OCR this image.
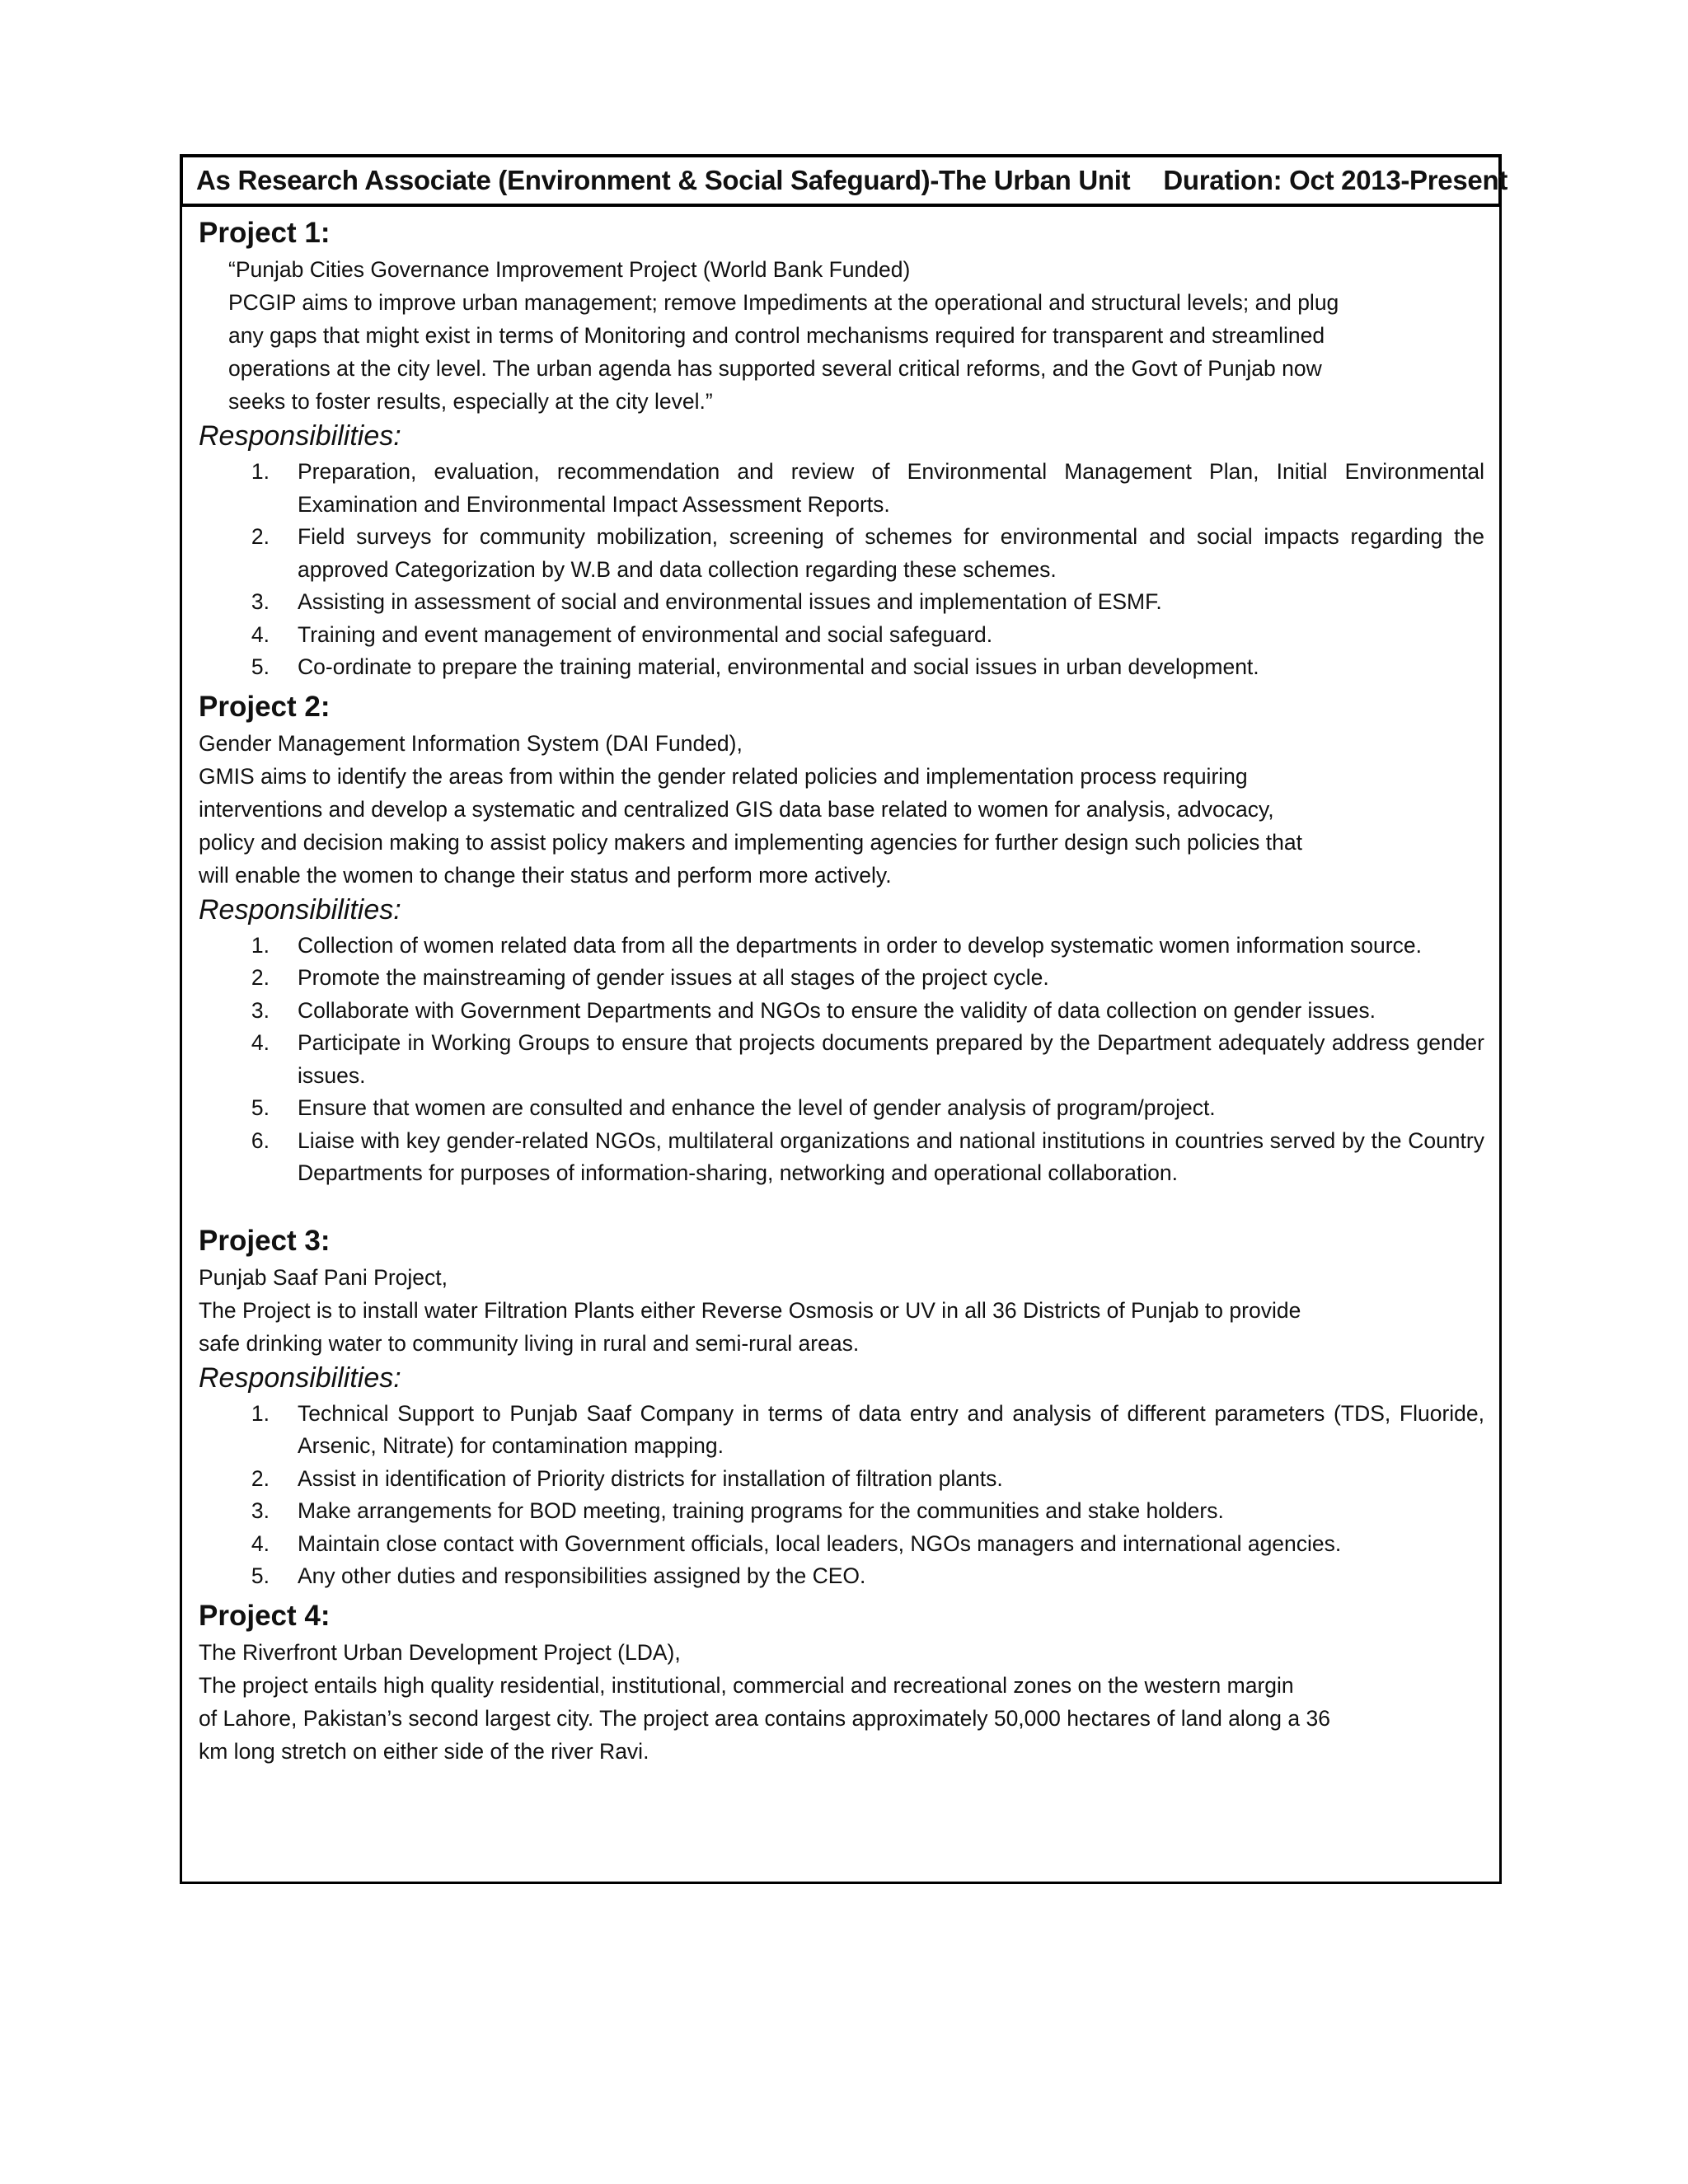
As Research Associate (Environment & Social Safeguard)-The Urban Unit Duration: Oct 2013-Present

Project 1:

“Punjab Cities Governance Improvement Project (World Bank Funded)

PCGIP aims to improve urban management; remove Impediments at the operational and structural levels; and plug

any gaps that might exist in terms of Monitoring and control mechanisms required for transparent and streamlined

operations at the city level. The urban agenda has supported several critical reforms, and the Govt of Punjab now

seeks to foster results, especially at the city level.”

Responsibilities:

1.	Preparation, evaluation, recommendation and review of Environmental Management Plan, Initial Environmental Examination and Environmental Impact Assessment Reports.
2.	Field surveys for community mobilization, screening of schemes for environmental and social impacts regarding the approved Categorization by W.B and data collection regarding these schemes.
3.	Assisting in assessment of social and environmental issues and implementation of ESMF.
4.	Training and event management of environmental and social safeguard.
5.	Co-ordinate to prepare the training material, environmental and social issues in urban development.

Project 2:

Gender Management Information System (DAI Funded),

GMIS aims to identify the areas from within the gender related policies and implementation process requiring

interventions and develop a systematic and centralized GIS data base related to women for analysis, advocacy,

policy and decision making to assist policy makers and implementing agencies for further design such policies that

will enable the women to change their status and perform more actively.

Responsibilities:

1.	Collection of women related data from all the departments in order to develop systematic women information source.
2.	Promote the mainstreaming of gender issues at all stages of the project cycle.
3.	Collaborate with Government Departments and NGOs to ensure the validity of data collection on gender issues.
4.	Participate in Working Groups to ensure that projects documents prepared by the Department adequately address gender issues.
5.	Ensure that women are consulted and enhance the level of gender analysis of program/project.
6.	Liaise with key gender-related NGOs, multilateral organizations and national institutions in countries served by the Country Departments for purposes of information-sharing, networking and operational collaboration.

Project 3:

Punjab Saaf Pani Project,

The Project is to install water Filtration Plants either Reverse Osmosis or UV in all 36 Districts of Punjab to provide

safe drinking water to community living in rural and semi-rural areas.

Responsibilities:

1.	Technical Support to Punjab Saaf Company in terms of data entry and analysis of different parameters (TDS, Fluoride, Arsenic, Nitrate) for contamination mapping.
2.	Assist in identification of Priority districts for installation of filtration plants.
3.	Make arrangements for BOD meeting, training programs for the communities and stake holders.
4.	Maintain close contact with Government officials, local leaders, NGOs managers and international agencies.
5.	Any other duties and responsibilities assigned by the CEO.

Project 4:

The Riverfront Urban Development Project (LDA),

The project entails high quality residential, institutional, commercial and recreational zones on the western margin

of Lahore, Pakistan’s second largest city. The project area contains approximately 50,000 hectares of land along a 36

km long stretch on either side of the river Ravi.
